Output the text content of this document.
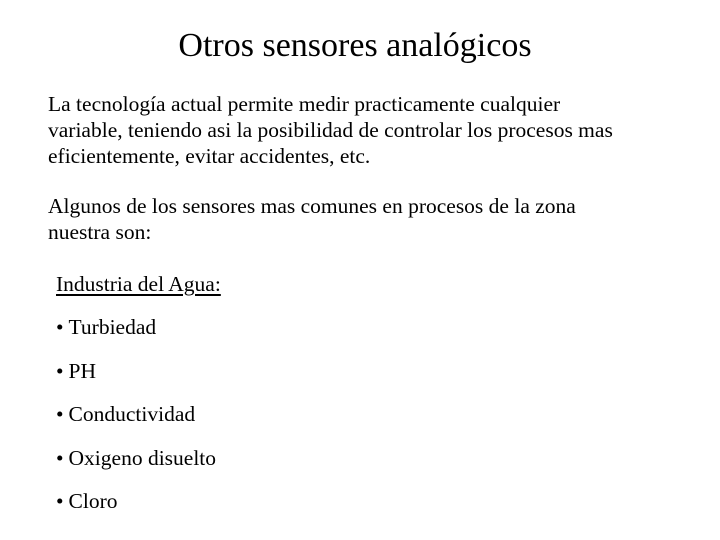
Otros sensores analógicos
La tecnología actual permite medir practicamente cualquier
variable, teniendo asi la posibilidad de controlar los procesos mas
eficientemente, evitar accidentes, etc.
Algunos de los sensores mas comunes en procesos de la zona
nuestra son:
Industria del Agua:
• Turbiedad
• PH
• Conductividad
• Oxigeno disuelto
• Cloro
